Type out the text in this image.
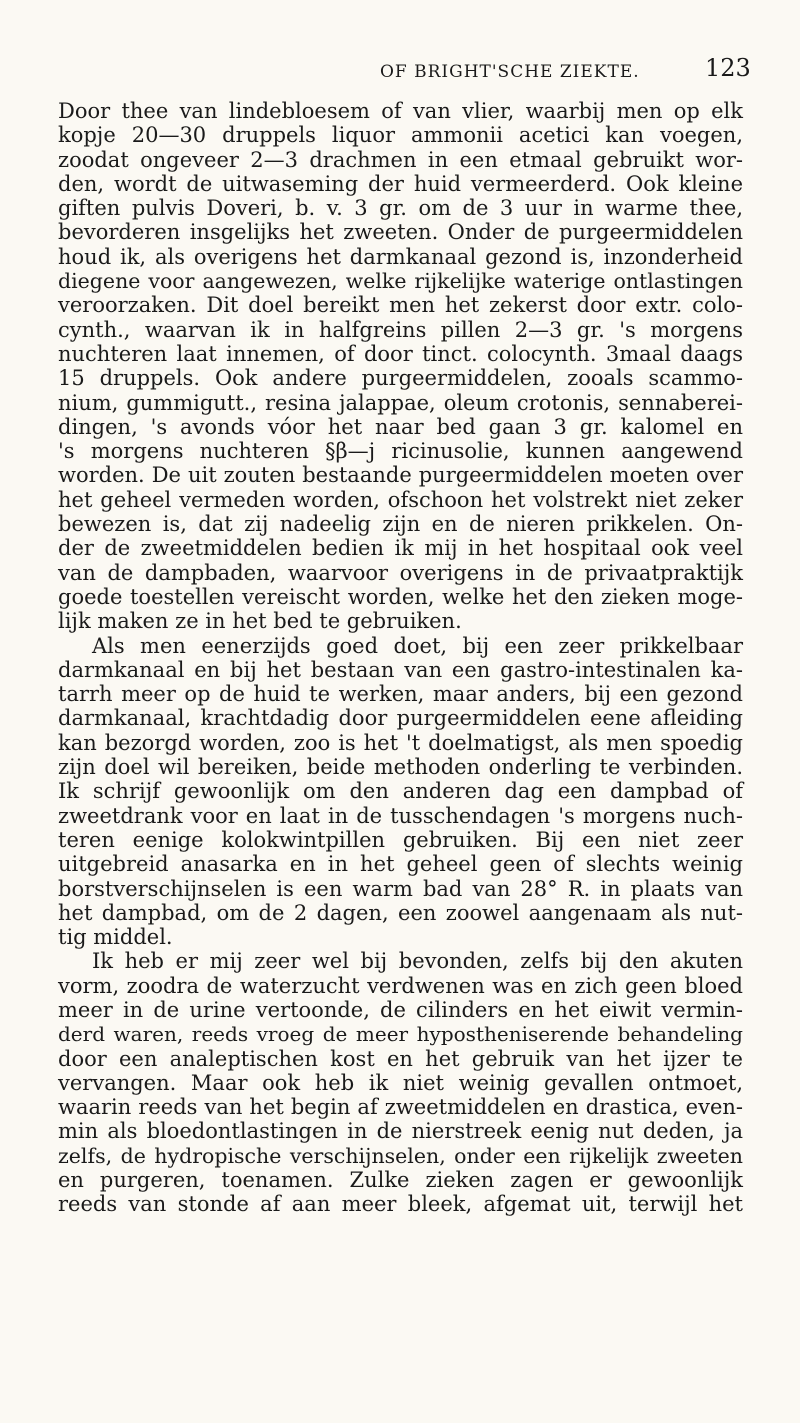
OF BRIGHT'SCHE ZIEKTE.	123
Door thee van lindebloesem of van vlier, waarbij men op elk
kopje 20—30 druppels liquor ammonii acetici kan voegen,
zoodat ongeveer 2—3 drachmen in een etmaal gebruikt wor-
den, wordt de uitwaseming der huid vermeerderd. Ook kleine
giften pulvis Doveri, b. v. 3 gr. om de 3 uur in warme thee,
bevorderen insgelijks het zweeten. Onder de purgeermiddelen
houd ik, als overigens het darmkanaal gezond is, inzonderheid
diegene voor aangewezen, welke rijkelijke waterige ontlastingen
veroorzaken. Dit doel bereikt men het zekerst door extr. colo-
cynth., waarvan ik in halfgreins pillen 2—3 gr. 's morgens
nuchteren laat innemen, of door tinct. colocynth. 3maal daags
15 druppels. Ook andere purgeermiddelen, zooals scammo-
nium, gummigutt., resina jalappae, oleum crotonis, sennaberei-
dingen, 's avonds vóor het naar bed gaan 3 gr. kalomel en
's morgens nuchteren §β—j ricinusolie, kunnen aangewend
worden. De uit zouten bestaande purgeermiddelen moeten over
het geheel vermeden worden, ofschoon het volstrekt niet zeker
bewezen is, dat zij nadeelig zijn en de nieren prikkelen. On-
der de zweetmiddelen bedien ik mij in het hospitaal ook veel
van de dampbaden, waarvoor overigens in de privaatpraktijk
goede toestellen vereischt worden, welke het den zieken moge-
lijk maken ze in het bed te gebruiken.
Als men eenerzijds goed doet, bij een zeer prikkelbaar
darmkanaal en bij het bestaan van een gastro-intestinalen ka-
tarrh meer op de huid te werken, maar anders, bij een gezond
darmkanaal, krachtdadig door purgeermiddelen eene afleiding
kan bezorgd worden, zoo is het 't doelmatigst, als men spoedig
zijn doel wil bereiken, beide methoden onderling te verbinden.
Ik schrijf gewoonlijk om den anderen dag een dampbad of
zweetdrank voor en laat in de tusschendagen 's morgens nuch-
teren eenige kolokwintpillen gebruiken. Bij een niet zeer
uitgebreid anasarka en in het geheel geen of slechts weinig
borstverschijnselen is een warm bad van 28° R. in plaats van
het dampbad, om de 2 dagen, een zoowel aangenaam als nut-
tig middel.
Ik heb er mij zeer wel bij bevonden, zelfs bij den akuten
vorm, zoodra de waterzucht verdwenen was en zich geen bloed
meer in de urine vertoonde, de cilinders en het eiwit vermin-
derd waren, reeds vroeg de meer hypostheniserende behandeling
door een analeptischen kost en het gebruik van het ijzer te
vervangen. Maar ook heb ik niet weinig gevallen ontmoet,
waarin reeds van het begin af zweetmiddelen en drastica, even-
min als bloedontlastingen in de nierstreek eenig nut deden, ja
zelfs, de hydropische verschijnselen, onder een rijkelijk zweeten
en purgeren, toenamen. Zulke zieken zagen er gewoonlijk
reeds van stonde af aan meer bleek, afgemat uit, terwijl het
